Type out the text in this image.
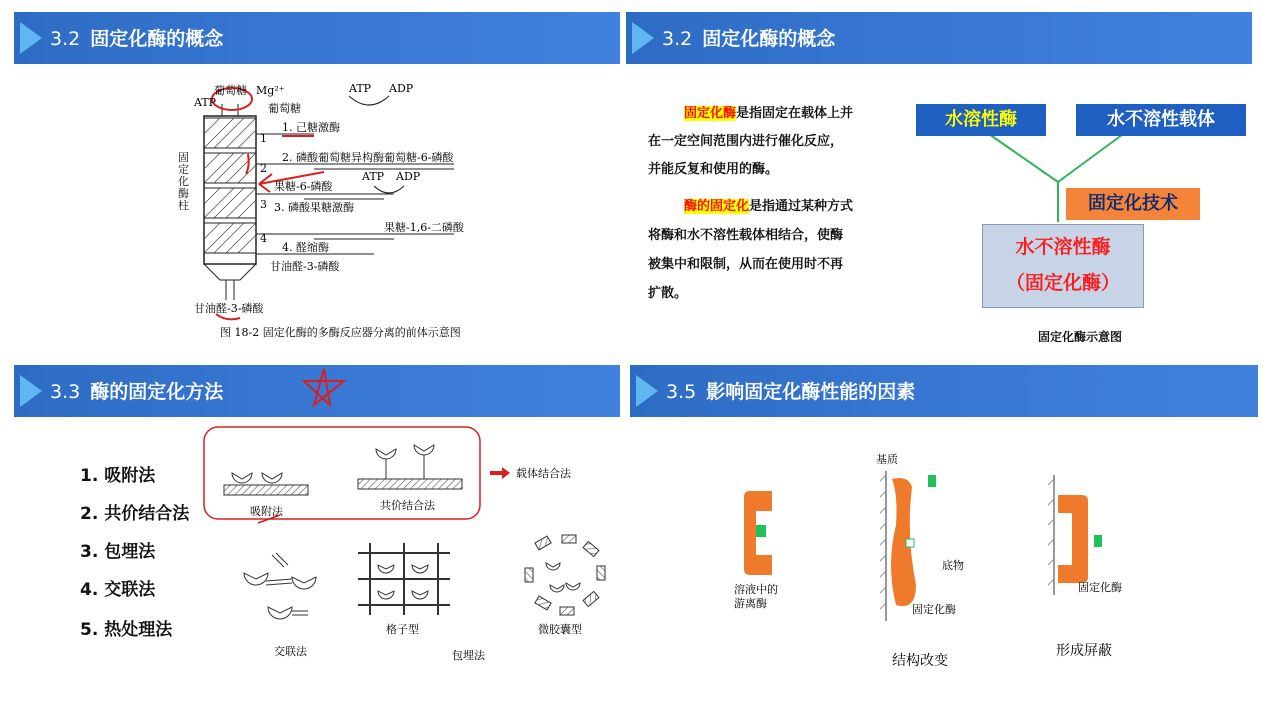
3.2 固定化酶的概念
ATP
葡萄糖 Mg²⁺
葡萄糖
ATP ADP
1. 己糖激酶
2. 磷酸葡萄糖异构酶 葡萄糖-6-磷酸
果糖-6-磷酸
ATP ADP
3. 磷酸果糖激酶
果糖-1,6-二磷酸
4. 醛缩酶
甘油醛-3-磷酸
甘油醛-3-磷酸
1
2
3
4
图 18-2 固定化酶的多酶反应器分离的前体示意图
固定化酶柱
3.2 固定化酶的概念
固定化酶是指固定在载体上并
在一定空间范围内进行催化反应，
并能反复和使用的酶。
酶的固定化是指通过某种方式
将酶和水不溶性载体相结合，使酶
被集中和限制，从而在使用时不再
扩散。
水溶性酶	水不溶性载体
固定化技术
水不溶性酶
（固定化酶）
固定化酶示意图
3.3 酶的固定化方法
1. 吸附法
2. 共价结合法
3. 包埋法
4. 交联法
5. 热处理法
吸附法	共价结合法
载体结合法
格子型	微胶囊型
交联法	包埋法
3.5 影响固定化酶性能的因素
基质
溶液中的
游离酶
底物
固定化酶
固定化酶
结构改变
形成屏蔽
